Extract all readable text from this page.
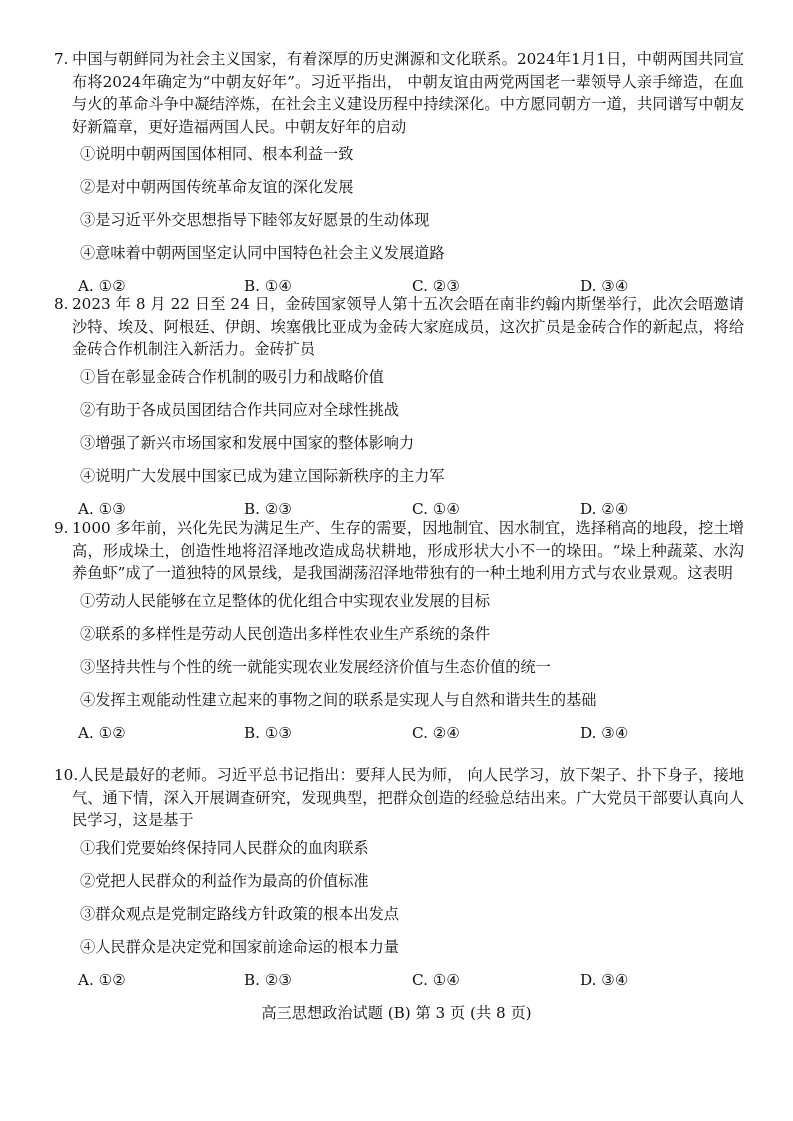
7. 中国与朝鲜同为社会主义国家，有着深厚的历史渊源和文化联系。2024年1月1日，中朝两国共同宣布将2024年确定为“中朝友好年”。习近平指出， 中朝友谊由两党两国老一辈领导人亲手缔造，在血与火的革命斗争中凝结淬炼，在社会主义建设历程中持续深化。中方愿同朝方一道，共同谱写中朝友好新篇章，更好造福两国人民。中朝友好年的启动
①说明中朝两国国体相同、根本利益一致
②是对中朝两国传统革命友谊的深化发展
③是习近平外交思想指导下睦邻友好愿景的生动体现
④意味着中朝两国坚定认同中国特色社会主义发展道路
A. ①②	B. ①④	C. ②③	D. ③④
8. 2023 年 8 月 22 日至 24 日，金砖国家领导人第十五次会晤在南非约翰内斯堡举行，此次会晤邀请沙特、埃及、阿根廷、伊朗、埃塞俄比亚成为金砖大家庭成员，这次扩员是金砖合作的新起点，将给金砖合作机制注入新活力。金砖扩员
①旨在彰显金砖合作机制的吸引力和战略价值
②有助于各成员国团结合作共同应对全球性挑战
③增强了新兴市场国家和发展中国家的整体影响力
④说明广大发展中国家已成为建立国际新秩序的主力军
A. ①③	B. ②③	C. ①④	D. ②④
9. 1000 多年前，兴化先民为满足生产、生存的需要，因地制宜、因水制宜，选择稍高的地段，挖土增高，形成垛土，创造性地将沼泽地改造成岛状耕地，形成形状大小不一的垛田。“垛上种蔬菜、水沟养鱼虾”成了一道独特的风景线，是我国湖荡沼泽地带独有的一种土地利用方式与农业景观。这表明
①劳动人民能够在立足整体的优化组合中实现农业发展的目标
②联系的多样性是劳动人民创造出多样性农业生产系统的条件
③坚持共性与个性的统一就能实现农业发展经济价值与生态价值的统一
④发挥主观能动性建立起来的事物之间的联系是实现人与自然和谐共生的基础
A. ①②	B. ①③	C. ②④	D. ③④
10.人民是最好的老师。习近平总书记指出：要拜人民为师， 向人民学习，放下架子、扑下身子，接地气、通下情，深入开展调查研究，发现典型，把群众创造的经验总结出来。广大党员干部要认真向人民学习，这是基于
①我们党要始终保持同人民群众的血肉联系
②党把人民群众的利益作为最高的价值标准
③群众观点是党制定路线方针政策的根本出发点
④人民群众是决定党和国家前途命运的根本力量
A. ①②	B. ②③	C. ①④	D. ③④
高三思想政治试题 (B) 第 3 页 (共 8 页)
